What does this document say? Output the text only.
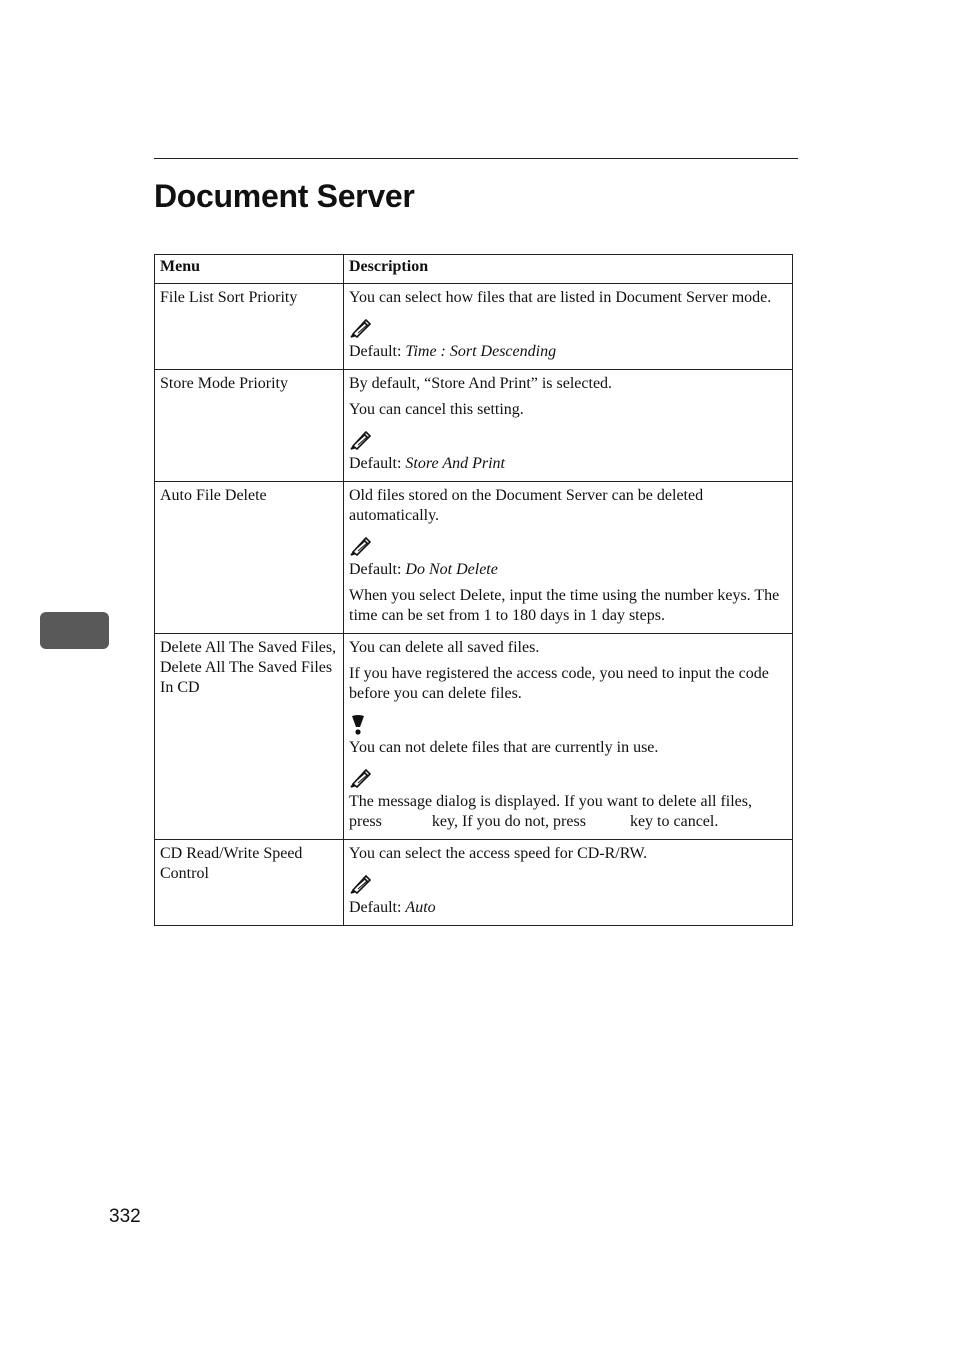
Document Server
Menu	Description
File List Sort Priority	You can select how files that are listed in Document Server mode.

Default: Time : Sort Descending

Store Mode Priority	By default, “Store And Print” is selected.

You can cancel this setting.

Default: Store And Print

Auto File Delete	Old files stored on the Document Server can be deleted automatically.

Default: Do Not Delete

When you select Delete, input the time using the number keys. The time can be set from 1 to 180 days in 1 day steps.

Delete All The Saved Files, Delete All The Saved Files In CD	You can delete all saved files.

If you have registered the access code, you need to input the code before you can delete files.

You can not delete files that are currently in use.

The message dialog is displayed. If you want to delete all files, press key, If you do not, press key to cancel.

CD Read/Write Speed Control	You can select the access speed for CD-R/RW.

Default: Auto

332
